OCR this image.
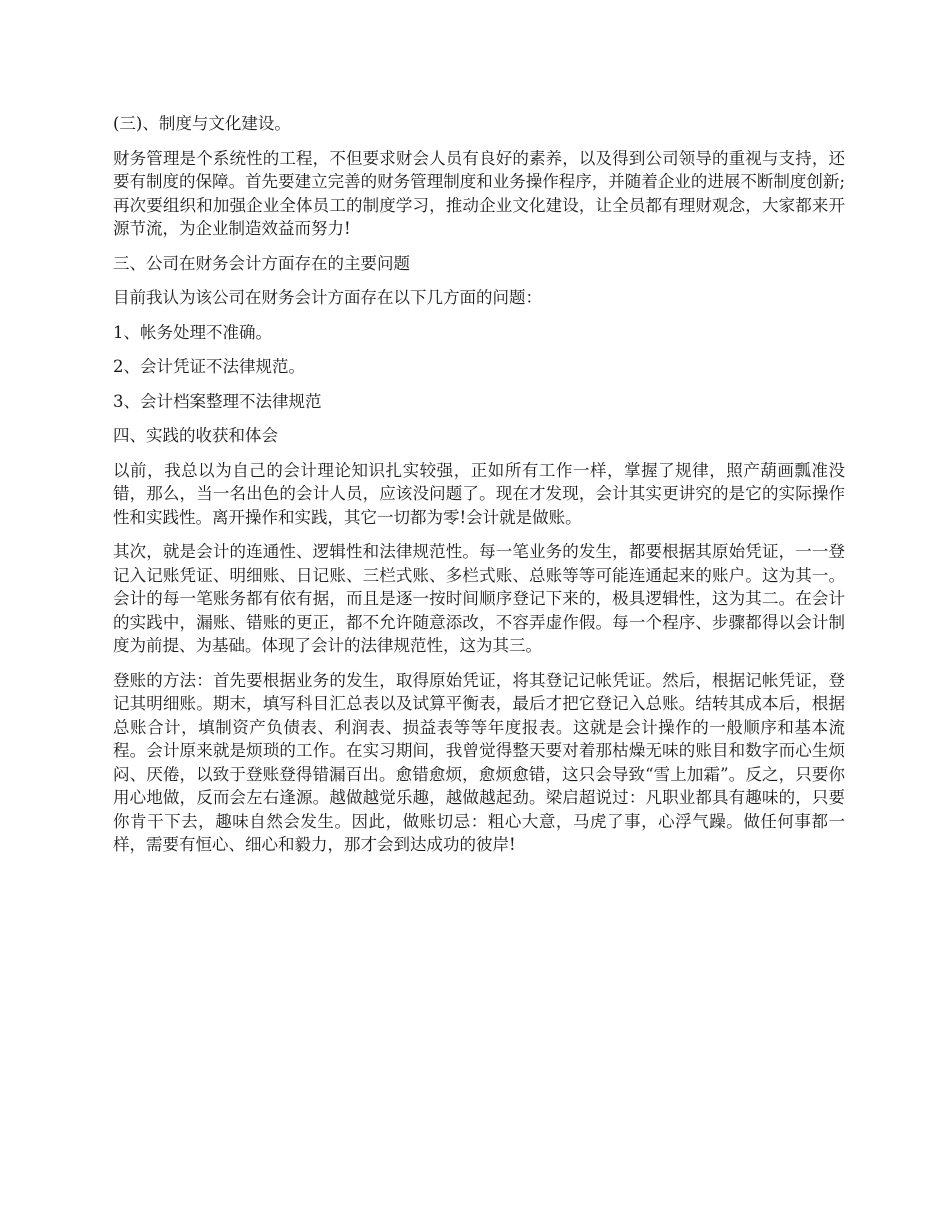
(三)、制度与文化建设。

财务管理是个系统性的工程，不但要求财会人员有良好的素养，以及得到公司领导的重视与支持，还要有制度的保障。首先要建立完善的财务管理制度和业务操作程序，并随着企业的进展不断制度创新;再次要组织和加强企业全体员工的制度学习，推动企业文化建设，让全员都有理财观念，大家都来开源节流，为企业制造效益而努力!

三、公司在财务会计方面存在的主要问题

目前我认为该公司在财务会计方面存在以下几方面的问题：

1、帐务处理不准确。

2、会计凭证不法律规范。

3、会计档案整理不法律规范

四、实践的收获和体会

以前，我总以为自己的会计理论知识扎实较强，正如所有工作一样，掌握了规律，照产葫画瓢准没错，那么，当一名出色的会计人员，应该没问题了。现在才发现，会计其实更讲究的是它的实际操作性和实践性。离开操作和实践，其它一切都为零!会计就是做账。

其次，就是会计的连通性、逻辑性和法律规范性。每一笔业务的发生，都要根据其原始凭证，一一登记入记账凭证、明细账、日记账、三栏式账、多栏式账、总账等等可能连通起来的账户。这为其一。会计的每一笔账务都有依有据，而且是逐一按时间顺序登记下来的，极具逻辑性，这为其二。在会计的实践中，漏账、错账的更正，都不允许随意添改，不容弄虚作假。每一个程序、步骤都得以会计制度为前提、为基础。体现了会计的法律规范性，这为其三。

登账的方法：首先要根据业务的发生，取得原始凭证，将其登记记帐凭证。然后，根据记帐凭证，登记其明细账。期末，填写科目汇总表以及试算平衡表，最后才把它登记入总账。结转其成本后，根据总账合计，填制资产负债表、利润表、损益表等等年度报表。这就是会计操作的一般顺序和基本流程。会计原来就是烦琐的工作。在实习期间，我曾觉得整天要对着那枯燥无味的账目和数字而心生烦闷、厌倦，以致于登账登得错漏百出。愈错愈烦，愈烦愈错，这只会导致“雪上加霜”。反之，只要你用心地做，反而会左右逢源。越做越觉乐趣，越做越起劲。梁启超说过：凡职业都具有趣味的，只要你肯干下去，趣味自然会发生。因此，做账切忌：粗心大意，马虎了事，心浮气躁。做任何事都一样，需要有恒心、细心和毅力，那才会到达成功的彼岸!
